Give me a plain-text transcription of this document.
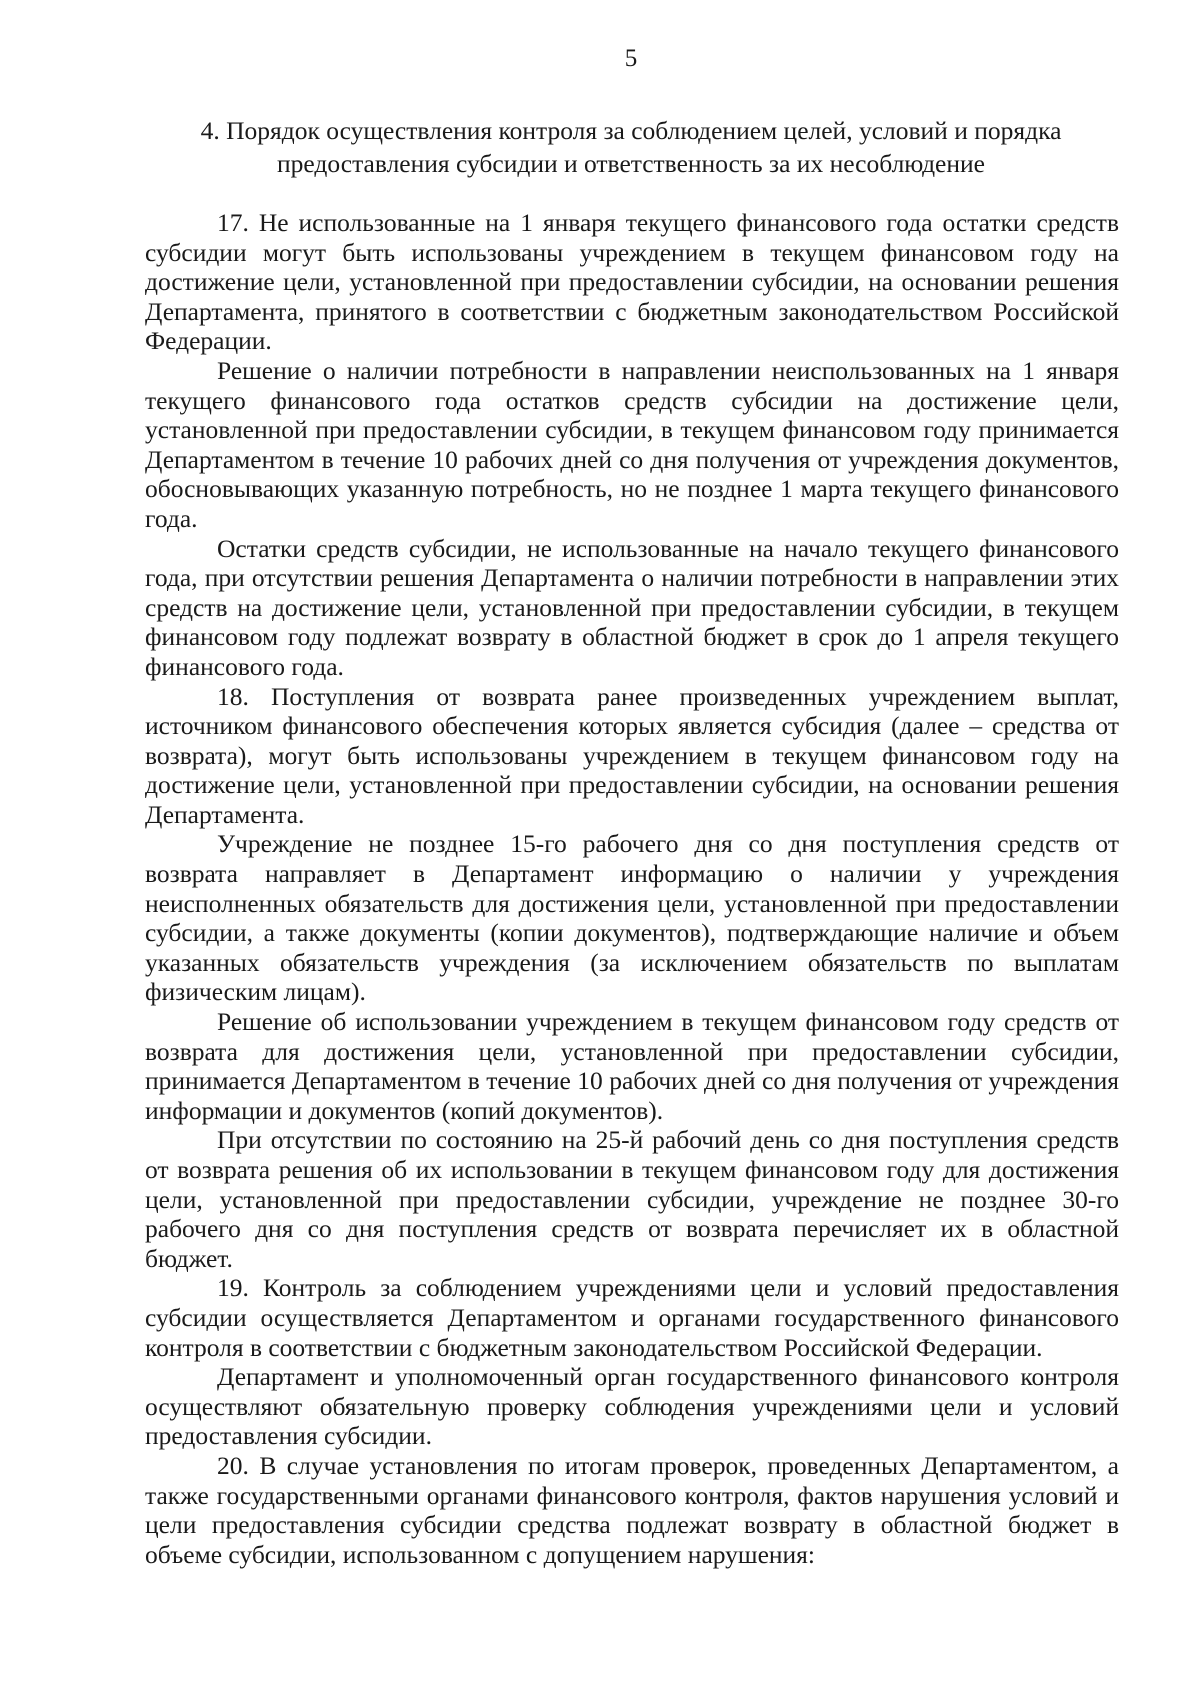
5
4. Порядок осуществления контроля за соблюдением целей, условий и порядка предоставления субсидии и ответственность за их несоблюдение

17. Не использованные на 1 января текущего финансового года остатки средств субсидии могут быть использованы учреждением в текущем финансовом году на достижение цели, установленной при предоставлении субсидии, на основании решения Департамента, принятого в соответствии с бюджетным законодательством Российской Федерации.

Решение о наличии потребности в направлении неиспользованных на 1 января текущего финансового года остатков средств субсидии на достижение цели, установленной при предоставлении субсидии, в текущем финансовом году принимается Департаментом в течение 10 рабочих дней со дня получения от учреждения документов, обосновывающих указанную потребность, но не позднее 1 марта текущего финансового года.

Остатки средств субсидии, не использованные на начало текущего финансового года, при отсутствии решения Департамента о наличии потребности в направлении этих средств на достижение цели, установленной при предоставлении субсидии, в текущем финансовом году подлежат возврату в областной бюджет в срок до 1 апреля текущего финансового года.

18. Поступления от возврата ранее произведенных учреждением выплат, источником финансового обеспечения которых является субсидия (далее – средства от возврата), могут быть использованы учреждением в текущем финансовом году на достижение цели, установленной при предоставлении субсидии, на основании решения Департамента.

Учреждение не позднее 15-го рабочего дня со дня поступления средств от возврата направляет в Департамент информацию о наличии у учреждения неисполненных обязательств для достижения цели, установленной при предоставлении субсидии, а также документы (копии документов), подтверждающие наличие и объем указанных обязательств учреждения (за исключением обязательств по выплатам физическим лицам).

Решение об использовании учреждением в текущем финансовом году средств от возврата для достижения цели, установленной при предоставлении субсидии, принимается Департаментом в течение 10 рабочих дней со дня получения от учреждения информации и документов (копий документов).

При отсутствии по состоянию на 25-й рабочий день со дня поступления средств от возврата решения об их использовании в текущем финансовом году для достижения цели, установленной при предоставлении субсидии, учреждение не позднее 30-го рабочего дня со дня поступления средств от возврата перечисляет их в областной бюджет.

19. Контроль за соблюдением учреждениями цели и условий предоставления субсидии осуществляется Департаментом и органами государственного финансового контроля в соответствии с бюджетным законодательством Российской Федерации.

Департамент и уполномоченный орган государственного финансового контроля осуществляют обязательную проверку соблюдения учреждениями цели и условий предоставления субсидии.

20. В случае установления по итогам проверок, проведенных Департаментом, а также государственными органами финансового контроля, фактов нарушения условий и цели предоставления субсидии средства подлежат возврату в областной бюджет в объеме субсидии, использованном с допущением нарушения:
